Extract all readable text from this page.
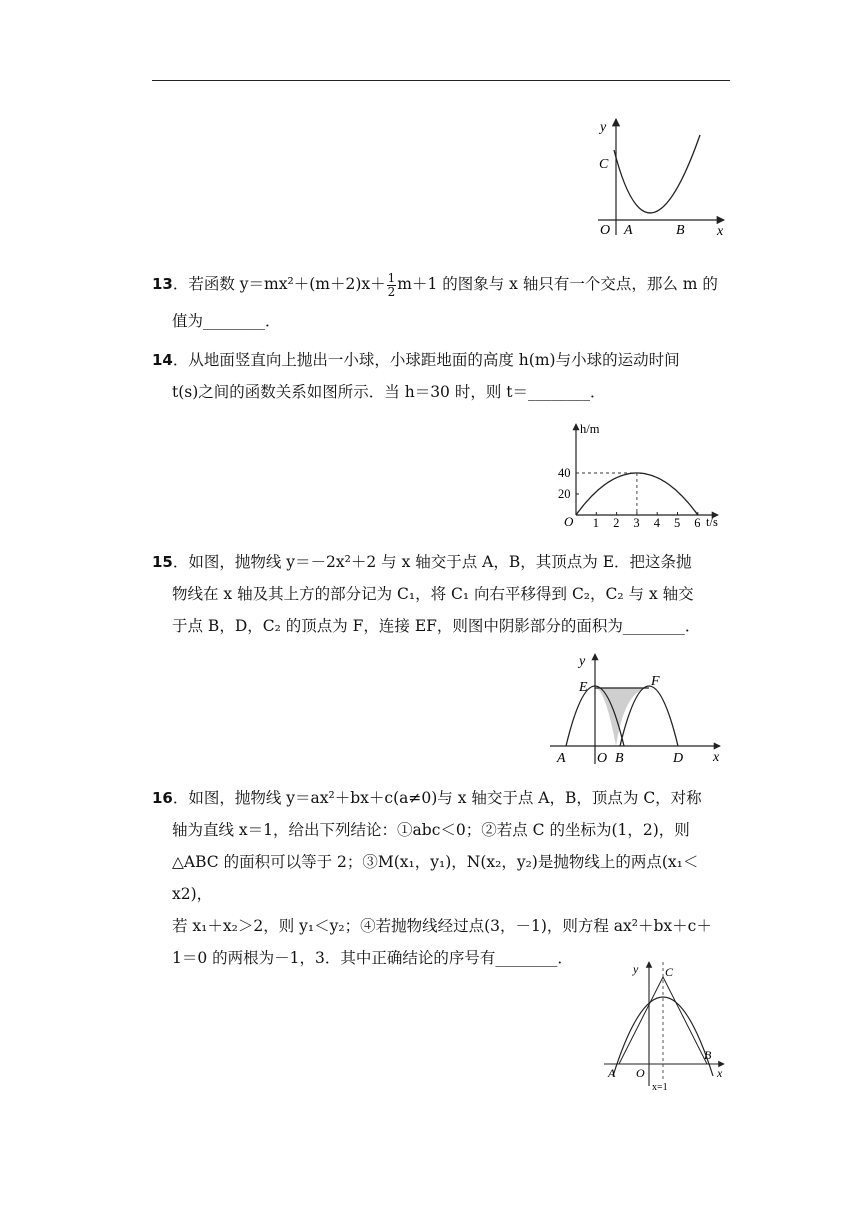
y
x
C
O A	B

13．若函数 $y=mx^2+(m+2)x+ \frac{1}{2} m+1$ 的图象与 x 轴只有一个交点，那么 m 的

值为________．

14．从地面竖直向上抛出一小球，小球距地面的高度 h(m)与小球的运动时间

t(s)之间的函数关系如图所示．当 h＝30 时，则 t＝________．

h/m
t/s
O 1 2 3 4 5 6
20
40

15．如图，抛物线 y＝－2x²＋2 与 x 轴交于点 A，B，其顶点为 E．把这条抛

物线在 x 轴及其上方的部分记为 C₁，将 C₁ 向右平移得到 C₂，C₂ 与 x 轴交

于点 B，D，C₂ 的顶点为 F，连接 EF，则图中阴影部分的面积为________．

y
x
E	F
A O B	D

16．如图，抛物线 y＝ax²＋bx＋c(a≠0)与 x 轴交于点 A，B，顶点为 C，对称

轴为直线 x＝1，给出下列结论：①abc＜0；②若点 C 的坐标为(1，2)，则

△ABC 的面积可以等于 2；③M(x₁，y₁)，N(x₂，y₂)是抛物线上的两点(x₁＜x2)，

若 x₁＋x₂＞2，则 y₁＜y₂；④若抛物线经过点(3，－1)，则方程 ax²＋bx＋c＋

1＝0 的两根为－1，3．其中正确结论的序号有________．

y
x
C
A O
B
x=1
